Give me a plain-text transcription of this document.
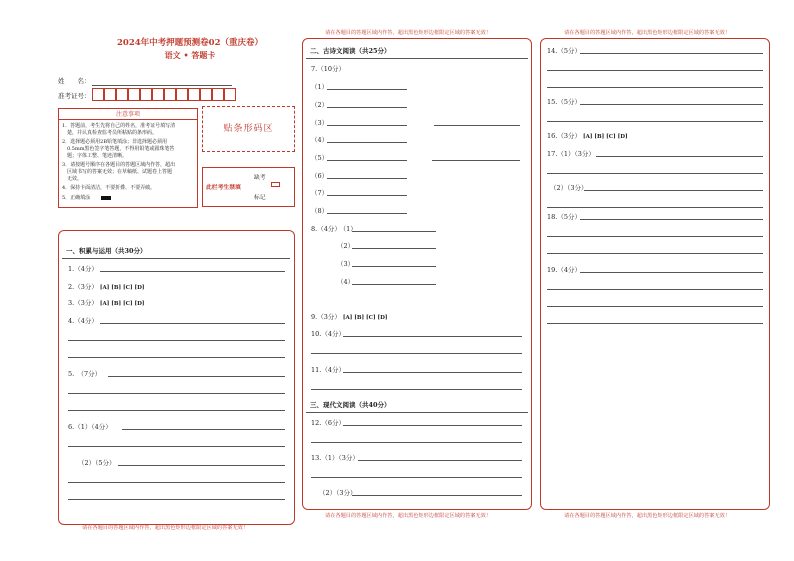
2024年中考押题预测卷02（重庆卷）
语文 • 答题卡
姓　　名：
准考证号：
注意事项
1．答题前，考生先将自己的姓名，准考证号填写清
　楚，并认真检查监考员所粘贴的条形码。
2．选择题必须用2B铅笔填涂；非选择题必须用
　0.5mm黑色签字笔答题，不得用铅笔或圆珠笔答
　题；字体工整、笔迹清晰。
3．请按题号顺序在各题目的答题区域内作答，超出
　区域书写的答案无效；在草稿纸、试题卷上答题
　无效。
4．保持卡面清洁，不要折叠、不要弄破。
5．正确填涂
贴条形码区
此栏考生禁填
缺考
标记
请在各题目的答题区域内作答，超出黑色矩形边框限定区域的答案无效！
一、积累与运用（共30分）
1.（4分）
2.（3分） [A] [B] [C] [D]
3.（3分） [A] [B] [C] [D]
4.（4分）
5.　（7分）
6.（1）（4分）
（2）（5分）
请在各题目的答题区域内作答，超出黑色矩形边框限定区域的答案无效！
请在各题目的答题区域内作答，超出黑色矩形边框限定区域的答案无效！
二、古诗文阅读（共25分）
7.（10分）
（1）
（2）
（3）
（4）
（5）
（6）
（7）
（8）
8.（4分） （1）
（2）
（3）
（4）
9.（3分） [A] [B] [C] [D]
10.（4分）
11.（4分）
三、现代文阅读（共40分）
12.（6分）
13.（1）（3分）
（2）（3分）
请在各题目的答题区域内作答，超出黑色矩形边框限定区域的答案无效！
请在各题目的答题区域内作答，超出黑色矩形边框限定区域的答案无效！
14.（5分）
15.（5分）
16.（3分） [A] [B] [C] [D]
17.（1）（3分）
（2）（3分）
18.（5分）
19.（4分）
